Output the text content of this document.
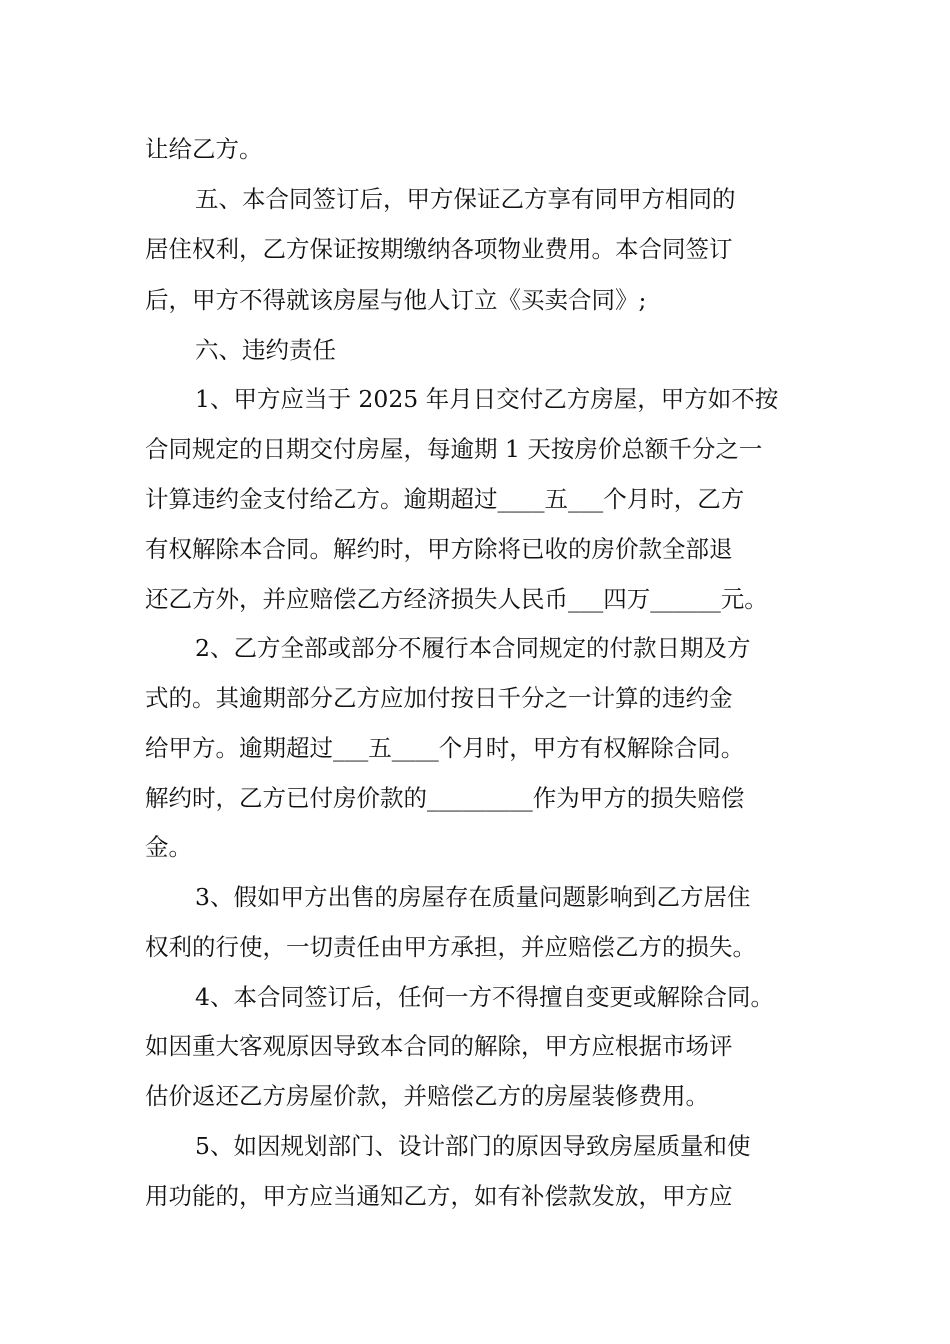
让给乙方。
五、本合同签订后，甲方保证乙方享有同甲方相同的
居住权利，乙方保证按期缴纳各项物业费用。本合同签订
后，甲方不得就该房屋与他人订立《买卖合同》;
六、违约责任
1、甲方应当于 2025 年月日交付乙方房屋，甲方如不按
合同规定的日期交付房屋，每逾期 1 天按房价总额千分之一
计算违约金支付给乙方。逾期超过____五___个月时，乙方
有权解除本合同。解约时，甲方除将已收的房价款全部退
还乙方外，并应赔偿乙方经济损失人民币___四万______元。
2、乙方全部或部分不履行本合同规定的付款日期及方
式的。其逾期部分乙方应加付按日千分之一计算的违约金
给甲方。逾期超过___五____个月时，甲方有权解除合同。
解约时，乙方已付房价款的_________作为甲方的损失赔偿
金。
3、假如甲方出售的房屋存在质量问题影响到乙方居住
权利的行使，一切责任由甲方承担，并应赔偿乙方的损失。
4、本合同签订后，任何一方不得擅自变更或解除合同。
如因重大客观原因导致本合同的解除，甲方应根据市场评
估价返还乙方房屋价款，并赔偿乙方的房屋装修费用。
5、如因规划部门、设计部门的原因导致房屋质量和使
用功能的，甲方应当通知乙方，如有补偿款发放，甲方应
